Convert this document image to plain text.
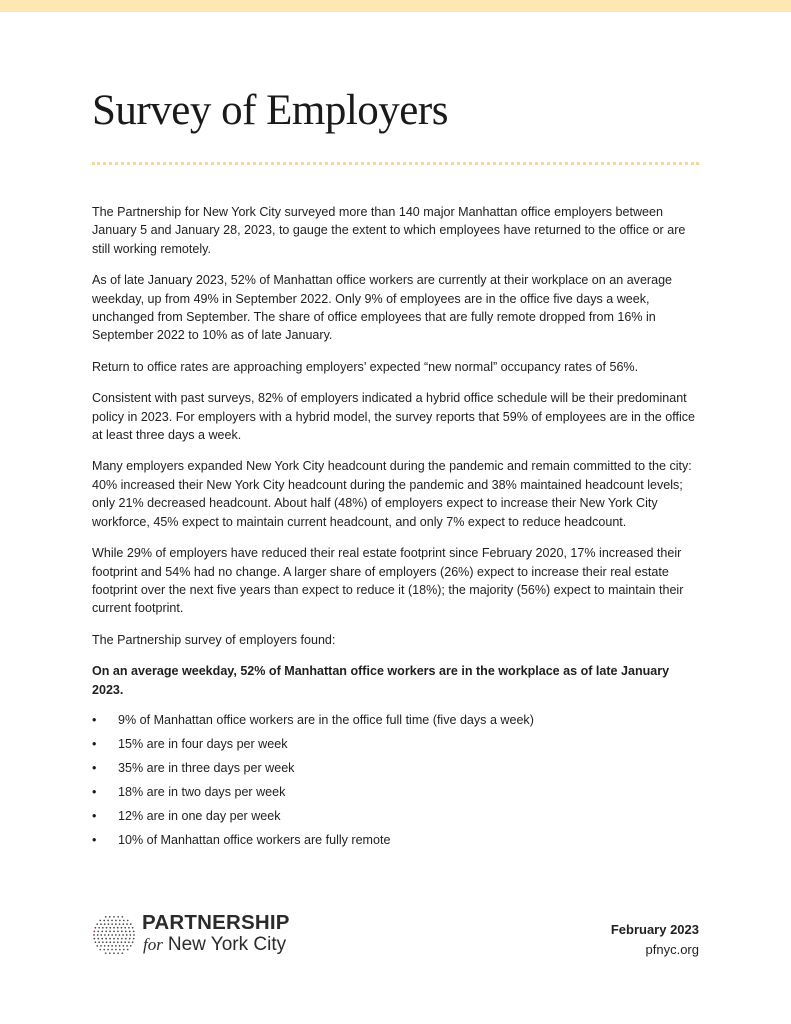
Survey of Employers

The Partnership for New York City surveyed more than 140 major Manhattan office employers between January 5 and January 28, 2023, to gauge the extent to which employees have returned to the office or are still working remotely.

As of late January 2023, 52% of Manhattan office workers are currently at their workplace on an average weekday, up from 49% in September 2022. Only 9% of employees are in the office five days a week, unchanged from September. The share of office employees that are fully remote dropped from 16% in September 2022 to 10% as of late January.

Return to office rates are approaching employers’ expected “new normal” occupancy rates of 56%.

Consistent with past surveys, 82% of employers indicated a hybrid office schedule will be their predominant policy in 2023. For employers with a hybrid model, the survey reports that 59% of employees are in the office at least three days a week.

Many employers expanded New York City headcount during the pandemic and remain committed to the city: 40% increased their New York City headcount during the pandemic and 38% maintained headcount levels; only 21% decreased headcount. About half (48%) of employers expect to increase their New York City workforce, 45% expect to maintain current headcount, and only 7% expect to reduce headcount.

While 29% of employers have reduced their real estate footprint since February 2020, 17% increased their footprint and 54% had no change. A larger share of employers (26%) expect to increase their real estate footprint over the next five years than expect to reduce it (18%); the majority (56%) expect to maintain their current footprint.

The Partnership survey of employers found:

On an average weekday, 52% of Manhattan office workers are in the workplace as of late January 2023.

• 9% of Manhattan office workers are in the office full time (five days a week)
• 15% are in four days per week
• 35% are in three days per week
• 18% are in two days per week
• 12% are in one day per week
• 10% of Manhattan office workers are fully remote
PARTNERSHIP
for New York City
February 2023
pfnyc.org
